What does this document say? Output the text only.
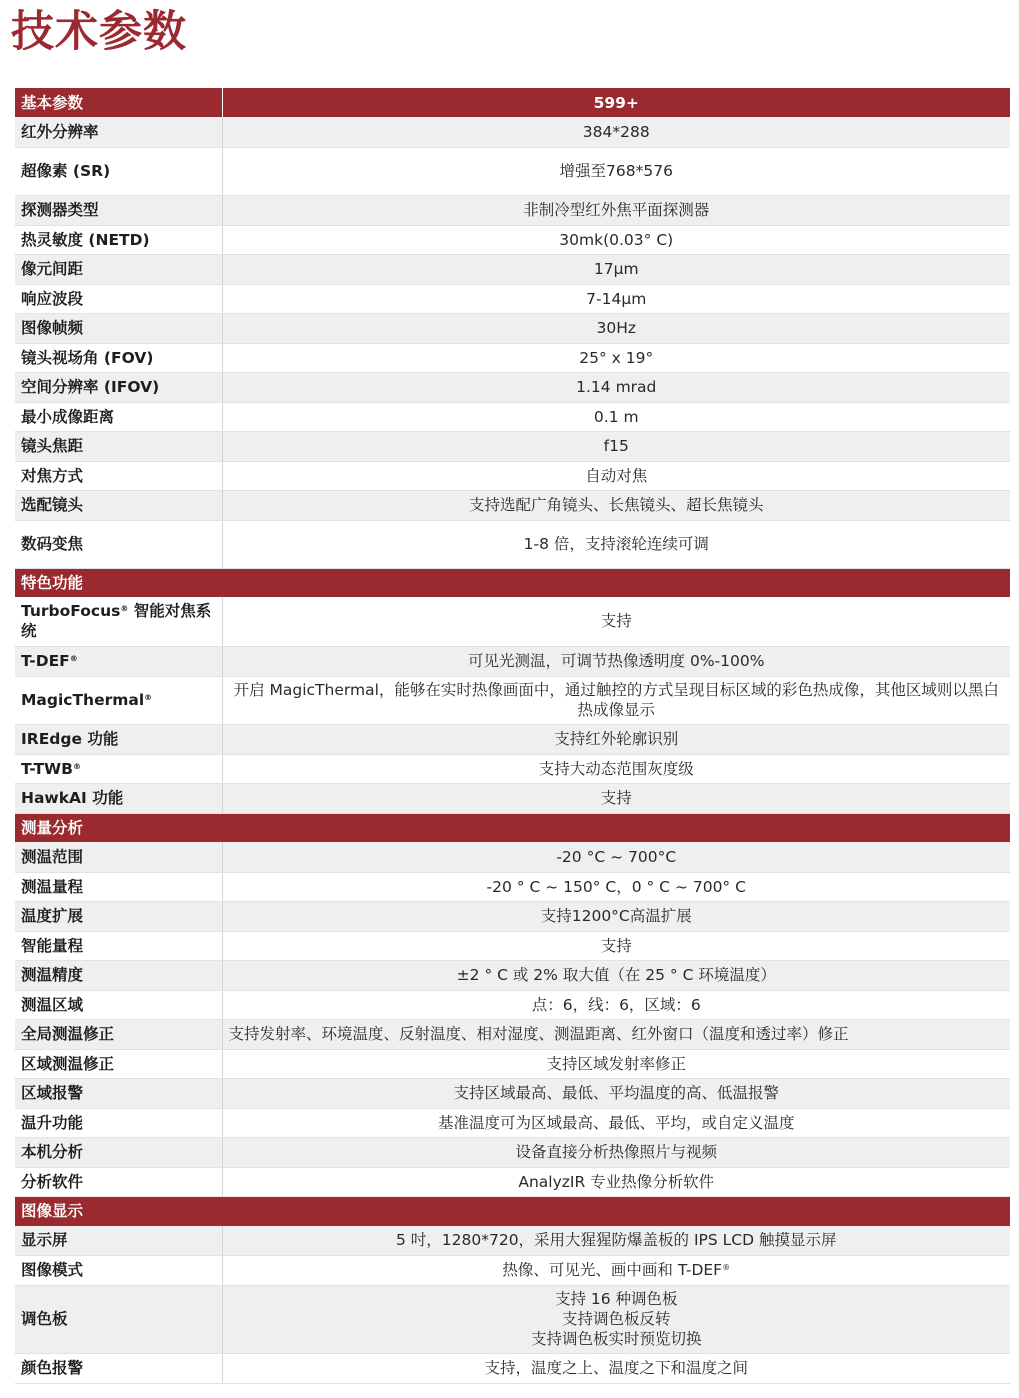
技术参数
基本参数	599+
红外分辨率	384*288
超像素 (SR)	增强至768*576
探测器类型	非制冷型红外焦平面探测器
热灵敏度 (NETD)	30mk(0.03° C)
像元间距	17μm
响应波段	7-14μm
图像帧频	30Hz
镜头视场角 (FOV)	25° x 19°
空间分辨率 (IFOV)	1.14 mrad
最小成像距离	0.1 m
镜头焦距	f15
对焦方式	自动对焦
选配镜头	支持选配广角镜头、长焦镜头、超长焦镜头
数码变焦	1-8 倍，支持滚轮连续可调
特色功能	
TurboFocus® 智能对焦系统	支持
T-DEF®	可见光测温，可调节热像透明度 0%-100%
MagicThermal®	开启 MagicThermal，能够在实时热像画面中，通过触控的方式呈现目标区域的彩色热成像，其他区域则以黑白热成像显示
IREdge 功能	支持红外轮廓识别
T-TWB®	支持大动态范围灰度级
HawkAI 功能	支持
测量分析	
测温范围	-20 °C ~ 700°C
测温量程	-20 ° C ~ 150° C，0 ° C ~ 700° C
温度扩展	支持1200°C高温扩展
智能量程	支持
测温精度	±2 ° C 或 2% 取大值（在 25 ° C 环境温度）
测温区域	点：6，线：6，区域：6
全局测温修正	支持发射率、环境温度、反射温度、相对湿度、测温距离、红外窗口（温度和透过率）修正
区域测温修正	支持区域发射率修正
区域报警	支持区域最高、最低、平均温度的高、低温报警
温升功能	基准温度可为区域最高、最低、平均，或自定义温度
本机分析	设备直接分析热像照片与视频
分析软件	AnalyzIR 专业热像分析软件
图像显示	
显示屏	5 吋，1280*720，采用大猩猩防爆盖板的 IPS LCD 触摸显示屏
图像模式	热像、可见光、画中画和 T-DEF®
调色板	支持 16 种调色板
支持调色板反转
支持调色板实时预览切换

颜色报警	支持，温度之上、温度之下和温度之间
